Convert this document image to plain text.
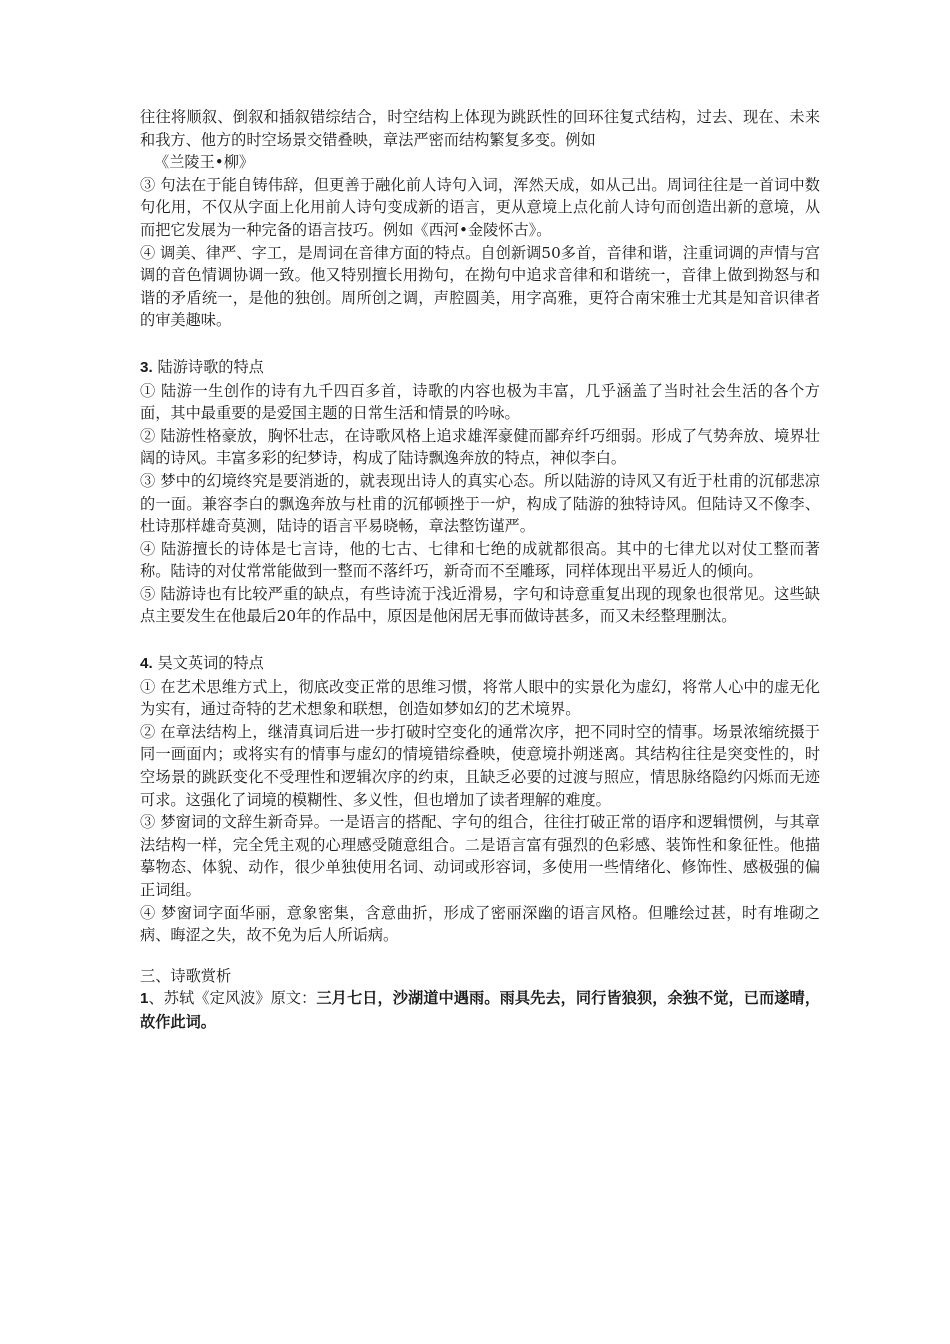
往往将顺叙、倒叙和插叙错综结合，时空结构上体现为跳跃性的回环往复式结构，过去、现在、未来和我方、他方的时空场景交错叠映，章法严密而结构繁复多变。例如

《兰陵王•柳》

③ 句法在于能自铸伟辞，但更善于融化前人诗句入词，浑然天成，如从己出。周词往往是一首词中数句化用，不仅从字面上化用前人诗句变成新的语言，更从意境上点化前人诗句而创造出新的意境，从而把它发展为一种完备的语言技巧。例如《西河•金陵怀古》。

④ 调美、律严、字工，是周词在音律方面的特点。自创新调50多首，音律和谐，注重词调的声情与宫调的音色情调协调一致。他又特别擅长用拗句，在拗句中追求音律和和谐统一，音律上做到拗怒与和谐的矛盾统一，是他的独创。周所创之调，声腔圆美，用字高雅，更符合南宋雅士尤其是知音识律者的审美趣味。

3. 陆游诗歌的特点

① 陆游一生创作的诗有九千四百多首，诗歌的内容也极为丰富，几乎涵盖了当时社会生活的各个方面，其中最重要的是爱国主题的日常生活和情景的吟咏。

② 陆游性格豪放，胸怀壮志，在诗歌风格上追求雄浑豪健而鄙弃纤巧细弱。形成了气势奔放、境界壮阔的诗风。丰富多彩的纪梦诗，构成了陆诗飘逸奔放的特点，神似李白。

③ 梦中的幻境终究是要消逝的，就表现出诗人的真实心态。所以陆游的诗风又有近于杜甫的沉郁悲凉的一面。兼容李白的飘逸奔放与杜甫的沉郁顿挫于一炉，构成了陆游的独特诗风。但陆诗又不像李、杜诗那样雄奇莫测，陆诗的语言平易晓畅，章法整饬谨严。

④ 陆游擅长的诗体是七言诗，他的七古、七律和七绝的成就都很高。其中的七律尤以对仗工整而著称。陆诗的对仗常常能做到一整而不落纤巧，新奇而不至雕琢，同样体现出平易近人的倾向。

⑤ 陆游诗也有比较严重的缺点，有些诗流于浅近滑易，字句和诗意重复出现的现象也很常见。这些缺点主要发生在他最后20年的作品中，原因是他闲居无事而做诗甚多，而又未经整理删汰。

4. 吴文英词的特点

① 在艺术思维方式上，彻底改变正常的思维习惯，将常人眼中的实景化为虚幻，将常人心中的虚无化为实有，通过奇特的艺术想象和联想，创造如梦如幻的艺术境界。

② 在章法结构上，继清真词后进一步打破时空变化的通常次序，把不同时空的情事。场景浓缩统摄于同一画面内；或将实有的情事与虚幻的情境错综叠映，使意境扑朔迷离。其结构往往是突变性的，时空场景的跳跃变化不受理性和逻辑次序的约束，且缺乏必要的过渡与照应，情思脉络隐约闪烁而无迹可求。这强化了词境的模糊性、多义性，但也增加了读者理解的难度。

③ 梦窗词的文辞生新奇异。一是语言的搭配、字句的组合，往往打破正常的语序和逻辑惯例，与其章法结构一样，完全凭主观的心理感受随意组合。二是语言富有强烈的色彩感、装饰性和象征性。他描摹物态、体貌、动作，很少单独使用名词、动词或形容词，多使用一些情绪化、修饰性、感极强的偏正词组。

④ 梦窗词字面华丽，意象密集，含意曲折，形成了密丽深幽的语言风格。但雕绘过甚，时有堆砌之病、晦涩之失，故不免为后人所诟病。

三、诗歌赏析

1、苏轼《定风波》原文：三月七日，沙湖道中遇雨。雨具先去，同行皆狼狈，余独不觉，已而遂晴，故作此词。
